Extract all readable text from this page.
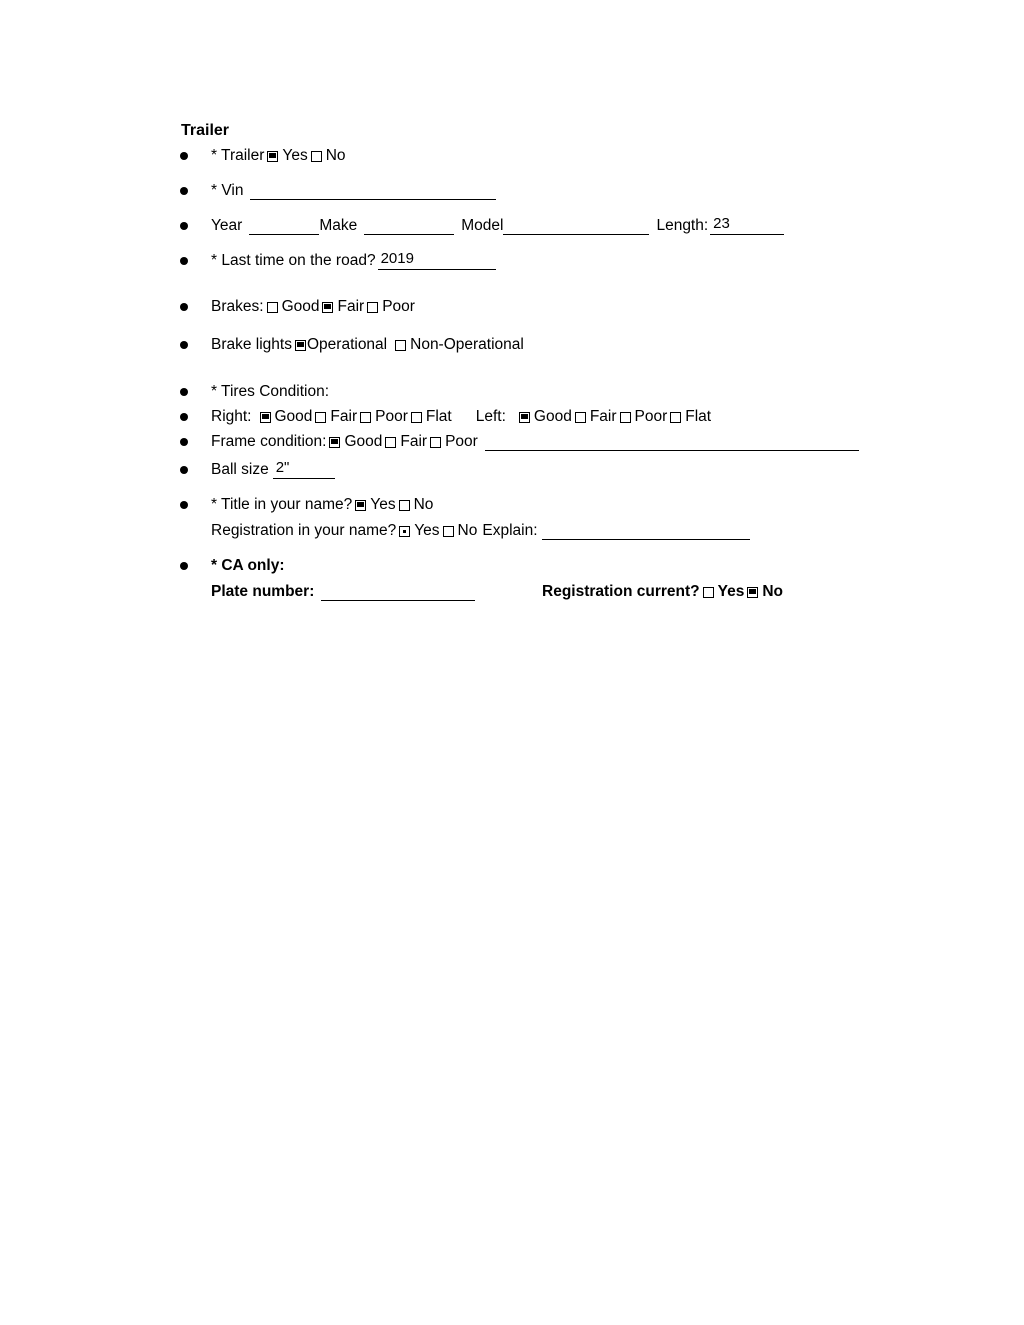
Trailer
* Trailer Yes No
* Vin
Year	Make	Model	Length: 23
* Last time on the road? 2019
Brakes: Good Fair Poor
Brake lights Operational Non-Operational
* Tires Condition:
Right: Good Fair Poor Flat Left: Good Fair Poor Flat
Frame condition: Good Fair Poor
Ball size 2"
* Title in your name? Yes No
Registration in your name? Yes No Explain:
* CA only:
Plate number:	Registration current? Yes No
